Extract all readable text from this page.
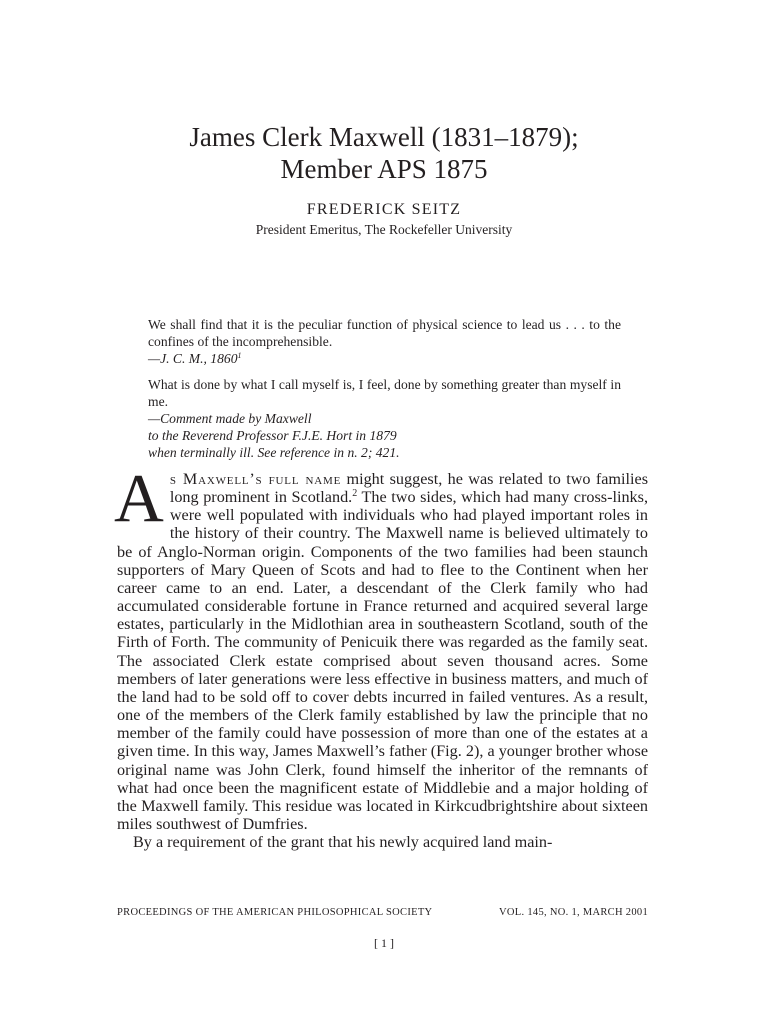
James Clerk Maxwell (1831–1879);
Member APS 1875
FREDERICK SEITZ
President Emeritus, The Rockefeller University

We shall find that it is the peculiar function of physical science to lead us . . . to the confines of the incomprehensible.

—J. C. M., 1860$^1$

What is done by what I call myself is, I feel, done by something greater than myself in me.

—Comment made by Maxwell

to the Reverend Professor F.J.E. Hort in 1879

when terminally ill. See reference in n. 2; 421.

As Maxwell’s full name might suggest, he was related to two families long prominent in Scotland.$^2$ The two sides, which had many cross-links, were well populated with individuals who had played important roles in the history of their country. The Maxwell name is believed ultimately to be of Anglo-Norman origin. Components of the two families had been staunch supporters of Mary Queen of Scots and had to flee to the Continent when her career came to an end. Later, a descendant of the Clerk family who had accumulated considerable fortune in France returned and acquired several large estates, particularly in the Midlothian area in southeastern Scotland, south of the Firth of Forth. The community of Penicuik there was regarded as the family seat. The associated Clerk estate comprised about seven thousand acres. Some members of later generations were less effective in business matters, and much of the land had to be sold off to cover debts incurred in failed ventures. As a result, one of the members of the Clerk family established by law the principle that no member of the family could have possession of more than one of the estates at a given time. In this way, James Maxwell’s father (Fig. 2), a younger brother whose original name was John Clerk, found himself the inheritor of the remnants of what had once been the magnificent estate of Middlebie and a major holding of the Maxwell family. This residue was located in Kirkcudbrightshire about sixteen miles southwest of Dumfries.

By a requirement of the grant that his newly acquired land main-

PROCEEDINGS OF THE AMERICAN PHILOSOPHICAL SOCIETY	VOL. 145, NO. 1, MARCH 2001
[ 1 ]
